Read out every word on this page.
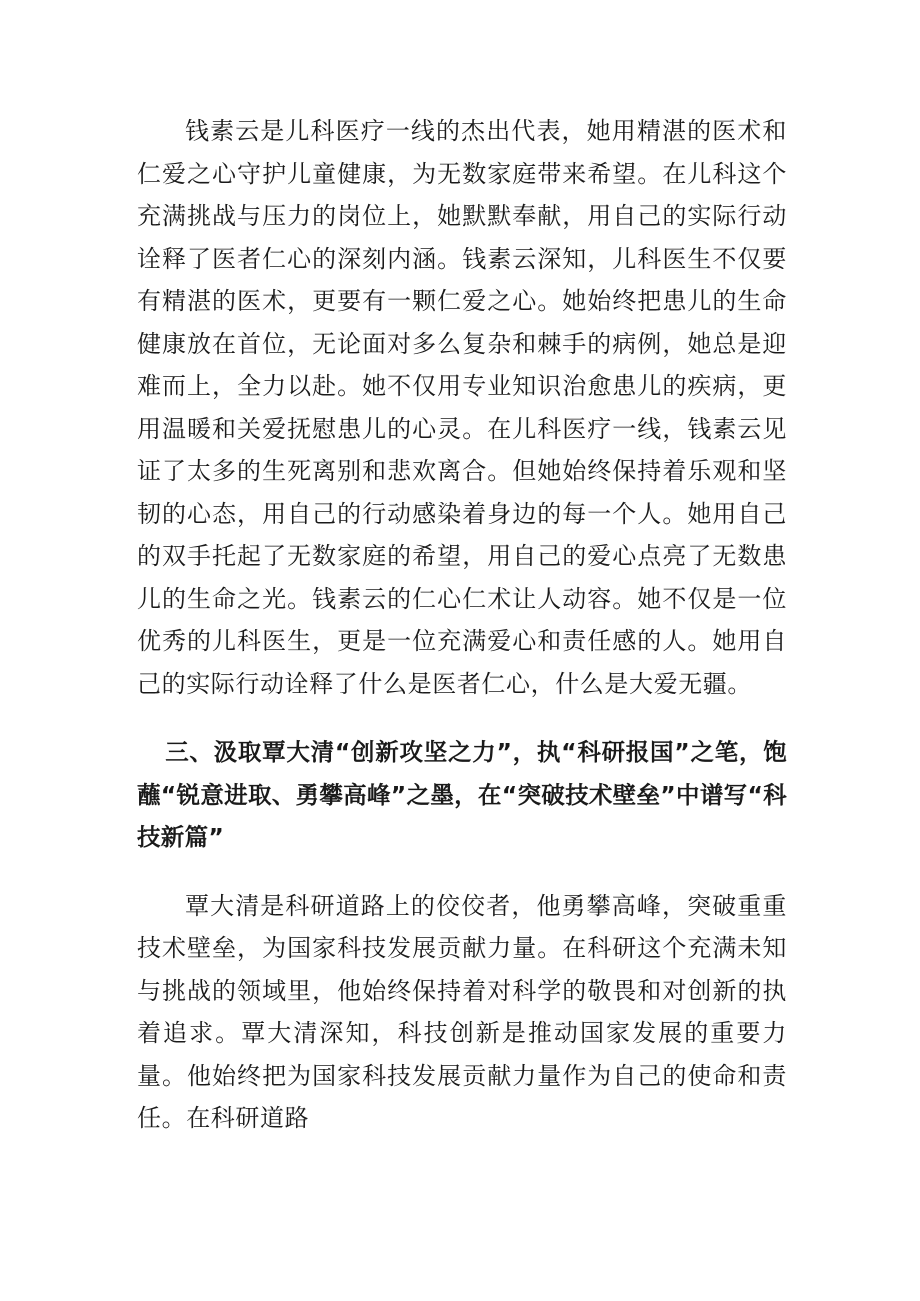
钱素云是儿科医疗一线的杰出代表，她用精湛的医术和仁爱之心守护儿童健康，为无数家庭带来希望。在儿科这个充满挑战与压力的岗位上，她默默奉献，用自己的实际行动诠释了医者仁心的深刻内涵。钱素云深知，儿科医生不仅要有精湛的医术，更要有一颗仁爱之心。她始终把患儿的生命健康放在首位，无论面对多么复杂和棘手的病例，她总是迎难而上，全力以赴。她不仅用专业知识治愈患儿的疾病，更用温暖和关爱抚慰患儿的心灵。在儿科医疗一线，钱素云见证了太多的生死离别和悲欢离合。但她始终保持着乐观和坚韧的心态，用自己的行动感染着身边的每一个人。她用自己的双手托起了无数家庭的希望，用自己的爱心点亮了无数患儿的生命之光。钱素云的仁心仁术让人动容。她不仅是一位优秀的儿科医生，更是一位充满爱心和责任感的人。她用自己的实际行动诠释了什么是医者仁心，什么是大爱无疆。

三、汲取覃大清“创新攻坚之力”，执“科研报国”之笔，饱蘸“锐意进取、勇攀高峰”之墨，在“突破技术壁垒”中谱写“科技新篇”

覃大清是科研道路上的佼佼者，他勇攀高峰，突破重重技术壁垒，为国家科技发展贡献力量。在科研这个充满未知与挑战的领域里，他始终保持着对科学的敬畏和对创新的执着追求。覃大清深知，科技创新是推动国家发展的重要力量。他始终把为国家科技发展贡献力量作为自己的使命和责任。在科研道路
